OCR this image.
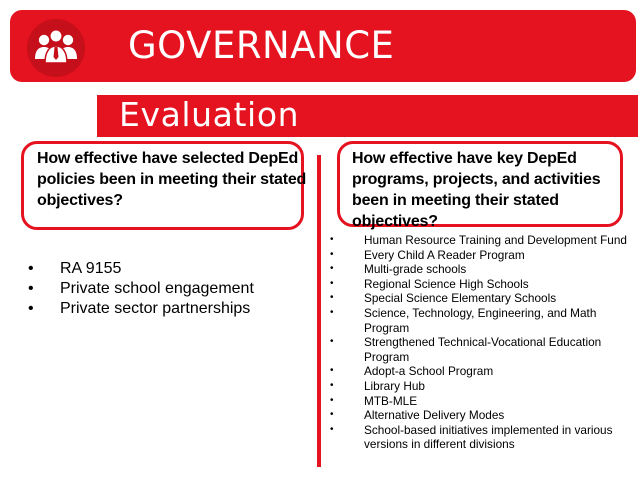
GOVERNANCE
Evaluation
How effective have selected DepEd policies been in meeting their stated objectives?
How effective have key DepEd programs, projects, and activities been in meeting their stated objectives?
•	RA 9155
•	Private school engagement
•	Private sector partnerships
•	Human Resource Training and Development Fund
•	Every Child A Reader Program
•	Multi-grade schools
•	Regional Science High Schools
•	Special Science Elementary Schools
•	Science, Technology, Engineering, and Math Program
•	Strengthened Technical-Vocational Education Program
•	Adopt-a School Program
•	Library Hub
•	MTB-MLE
•	Alternative Delivery Modes
•	School-based initiatives implemented in various versions in different divisions
